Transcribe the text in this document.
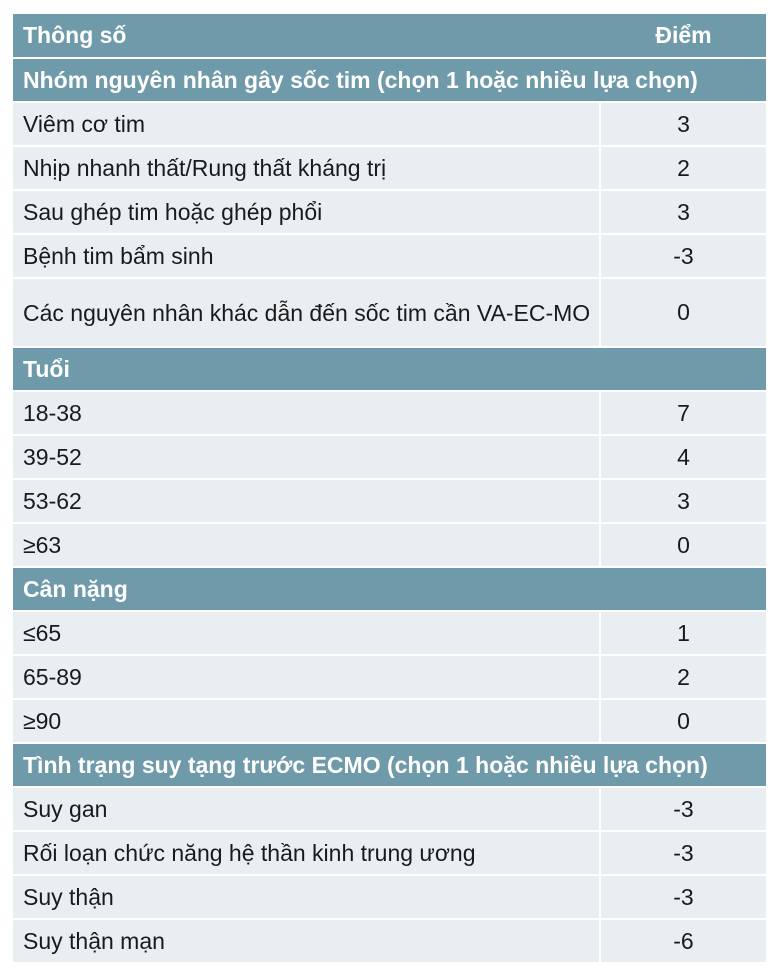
Thông số	Điểm
Nhóm nguyên nhân gây sốc tim (chọn 1 hoặc nhiều lựa chọn)
Viêm cơ tim	3
Nhịp nhanh thất/Rung thất kháng trị	2
Sau ghép tim hoặc ghép phổi	3
Bệnh tim bẩm sinh	-3
Các nguyên nhân khác dẫn đến sốc tim cần VA-EC-MO	0
Tuổi
18-38	7
39-52	4
53-62	3
≥63	0
Cân nặng
≤65	1
65-89	2
≥90	0
Tình trạng suy tạng trước ECMO (chọn 1 hoặc nhiều lựa chọn)
Suy gan	-3
Rối loạn chức năng hệ thần kinh trung ương	-3
Suy thận	-3
Suy thận mạn	-6
